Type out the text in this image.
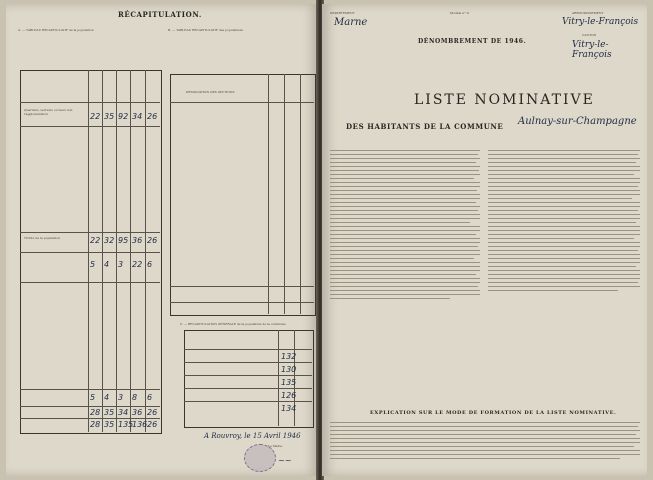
RÉCAPITULATION.
A. — TABLEAU RÉCAPITULATIF de la population	B. — TABLEAU RÉCAPITULATIF des populations
Quartiers, sections ou lieux non l'agglomération
TOTAL de la population
22 35 92 34 26
22 32 95 36 26
5 4 3 22 6
5 4 3 8 6
28 35 34 36 26
28 35 135
136 26
DÉSIGNATION DES SECTIONS
C. — RÉCAPITULATION GÉNÉRALE de la population de la commune
132
130
135
126
134
A Rouvroy, le 15 Avril 1946
Le Maire,
~~
DÉPARTEMENT
Marne
Modèle n° 9.	ARRONDISSEMENT
Vitry-le-François
CANTON
Vitry-le-François
DÉNOMBREMENT DE 1946.
LISTE NOMINATIVE
DES HABITANTS DE LA COMMUNE Aulnay-sur-Champagne
EXPLICATION SUR LE MODE DE FORMATION DE LA LISTE NOMINATIVE.
